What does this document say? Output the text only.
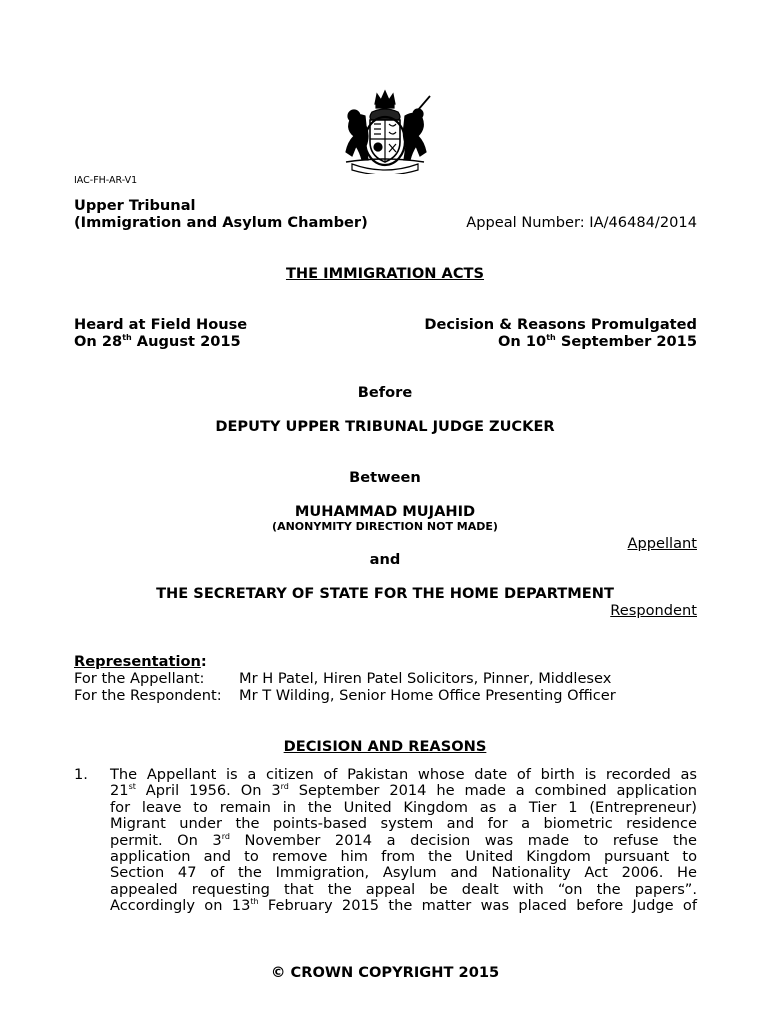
IAC-FH-AR-V1
Upper Tribunal
(Immigration and Asylum Chamber)	Appeal Number: IA/46484/2014
THE IMMIGRATION ACTS
Heard at Field House
On 28th August 2015
Decision & Reasons Promulgated
On 10th September 2015
Before
DEPUTY UPPER TRIBUNAL JUDGE ZUCKER
Between
MUHAMMAD MUJAHID
(ANONYMITY DIRECTION NOT MADE)
Appellant
and
THE SECRETARY OF STATE FOR THE HOME DEPARTMENT
Respondent
Representation:
For the Appellant: Mr H Patel, Hiren Patel Solicitors, Pinner, Middlesex
For the Respondent: Mr T Wilding, Senior Home Office Presenting Officer
DECISION AND REASONS
1. The Appellant is a citizen of Pakistan whose date of birth is recorded as
21st April 1956. On 3rd September 2014 he made a combined application
for leave to remain in the United Kingdom as a Tier 1 (Entrepreneur)
Migrant under the points-based system and for a biometric residence
permit. On 3rd November 2014 a decision was made to refuse the
application and to remove him from the United Kingdom pursuant to
Section 47 of the Immigration, Asylum and Nationality Act 2006. He
appealed requesting that the appeal be dealt with “on the papers”.
Accordingly on 13th February 2015 the matter was placed before Judge of
© CROWN COPYRIGHT 2015
